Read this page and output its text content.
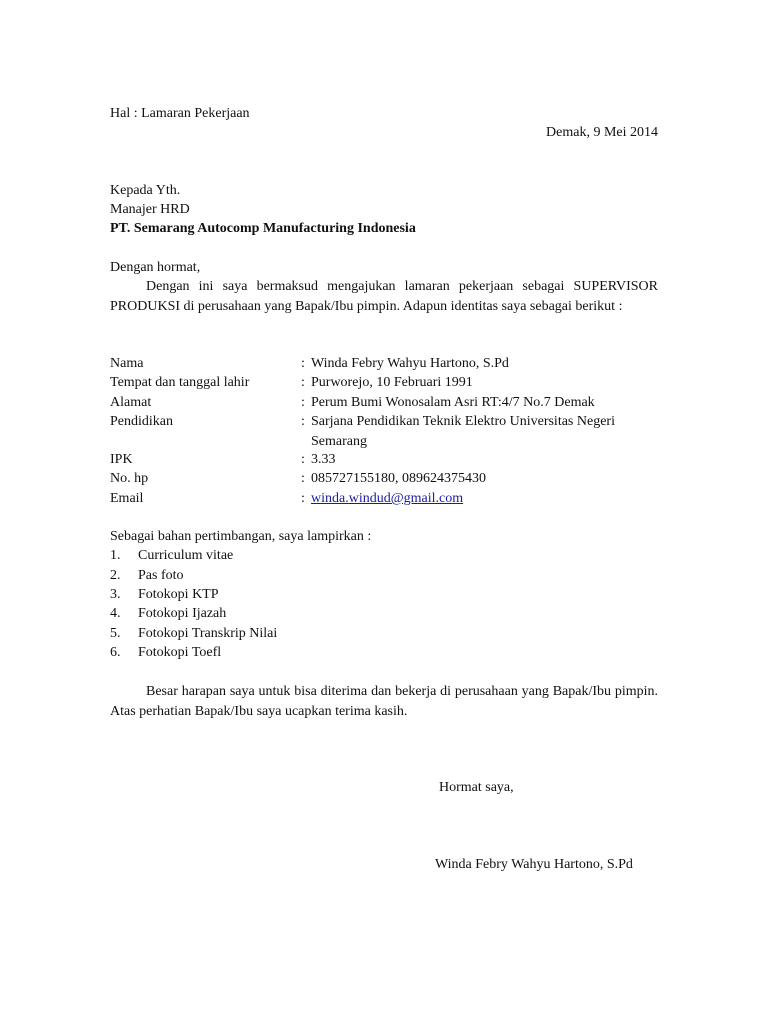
Hal : Lamaran Pekerjaan
Demak, 9 Mei 2014
Kepada Yth.
Manajer HRD
PT. Semarang Autocomp Manufacturing Indonesia
Dengan hormat,
Dengan ini saya bermaksud mengajukan lamaran pekerjaan sebagai SUPERVISOR PRODUKSI di perusahaan yang Bapak/Ibu pimpin. Adapun identitas saya sebagai berikut :
Nama	: Winda Febry Wahyu Hartono, S.Pd
Tempat dan tanggal lahir	: Purworejo, 10 Februari 1991
Alamat	: Perum Bumi Wonosalam Asri RT:4/7 No.7 Demak
Pendidikan	: Sarjana Pendidikan Teknik Elektro Universitas Negeri Semarang
IPK	: 3.33
No. hp	: 085727155180, 089624375430
Email	: winda.windud@gmail.com
Sebagai bahan pertimbangan, saya lampirkan :
1. Curriculum vitae
2. Pas foto
3. Fotokopi KTP
4. Fotokopi Ijazah
5. Fotokopi Transkrip Nilai
6. Fotokopi Toefl
Besar harapan saya untuk bisa diterima dan bekerja di perusahaan yang Bapak/Ibu pimpin. Atas perhatian Bapak/Ibu saya ucapkan terima kasih.
Hormat saya,
Winda Febry Wahyu Hartono, S.Pd
